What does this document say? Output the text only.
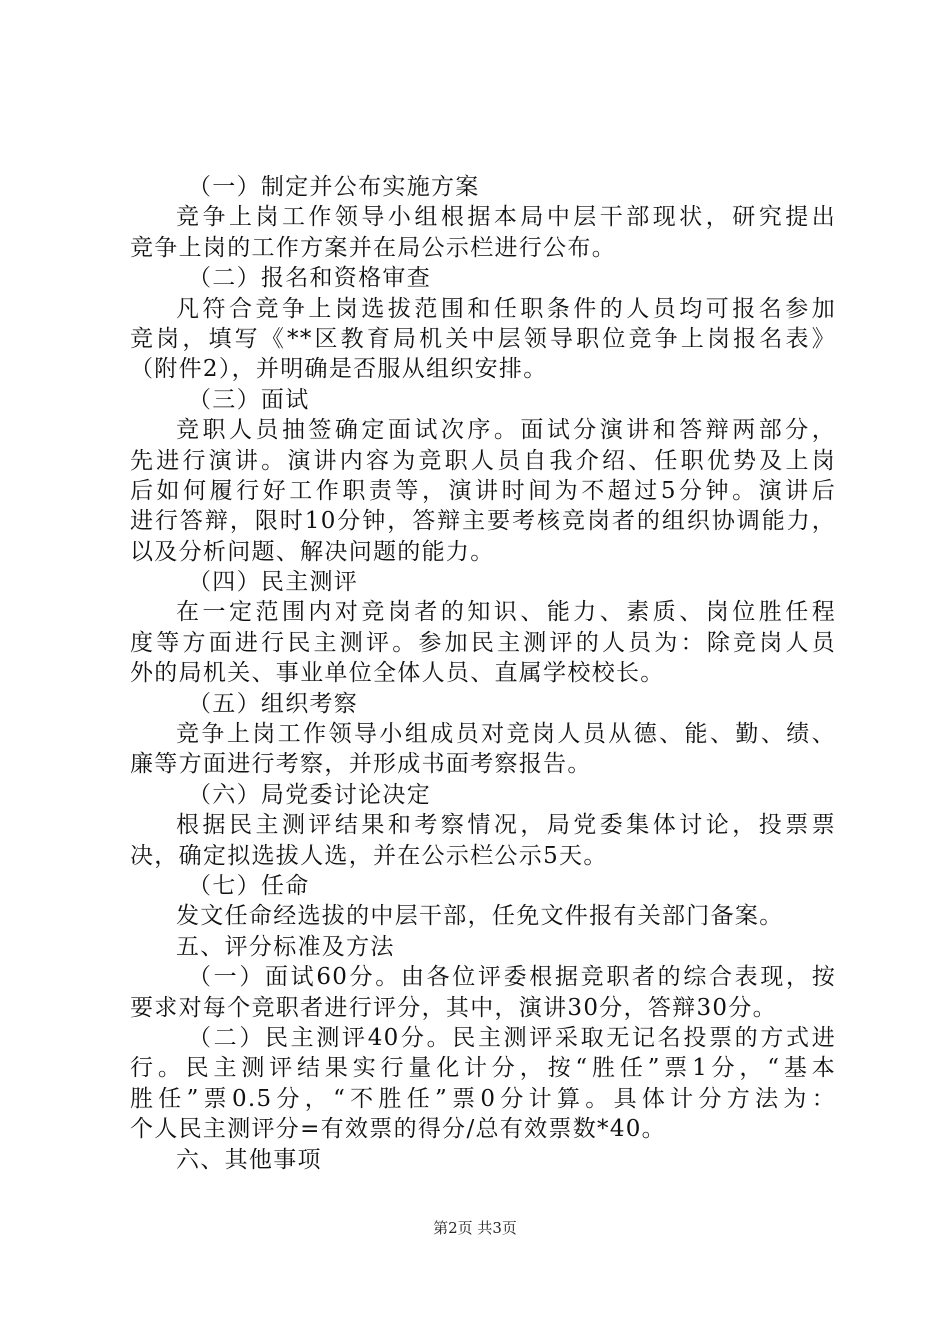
（一）制定并公布实施方案
竞争上岗工作领导小组根据本局中层干部现状，研究提出
竞争上岗的工作方案并在局公示栏进行公布。
（二）报名和资格审查
凡符合竞争上岗选拔范围和任职条件的人员均可报名参加
竞岗，填写《**区教育局机关中层领导职位竞争上岗报名表》
（附件2），并明确是否服从组织安排。
（三）面试
竞职人员抽签确定面试次序。面试分演讲和答辩两部分，
先进行演讲。演讲内容为竞职人员自我介绍、任职优势及上岗
后如何履行好工作职责等，演讲时间为不超过5分钟。演讲后
进行答辩，限时10分钟，答辩主要考核竞岗者的组织协调能力，
以及分析问题、解决问题的能力。
（四）民主测评
在一定范围内对竞岗者的知识、能力、素质、岗位胜任程
度等方面进行民主测评。参加民主测评的人员为：除竞岗人员
外的局机关、事业单位全体人员、直属学校校长。
（五）组织考察
竞争上岗工作领导小组成员对竞岗人员从德、能、勤、绩、
廉等方面进行考察，并形成书面考察报告。
（六）局党委讨论决定
根据民主测评结果和考察情况，局党委集体讨论，投票票
决，确定拟选拔人选，并在公示栏公示5天。
（七）任命
发文任命经选拔的中层干部，任免文件报有关部门备案。
五、评分标准及方法
（一）面试60分。由各位评委根据竞职者的综合表现，按
要求对每个竞职者进行评分，其中，演讲30分，答辩30分。
（二）民主测评40分。民主测评采取无记名投票的方式进
行。民主测评结果实行量化计分，按“胜任”票1分，“基本
胜任”票0.5分，“不胜任”票0分计算。具体计分方法为：
个人民主测评分=有效票的得分/总有效票数*40。
六、其他事项
第2页 共3页
